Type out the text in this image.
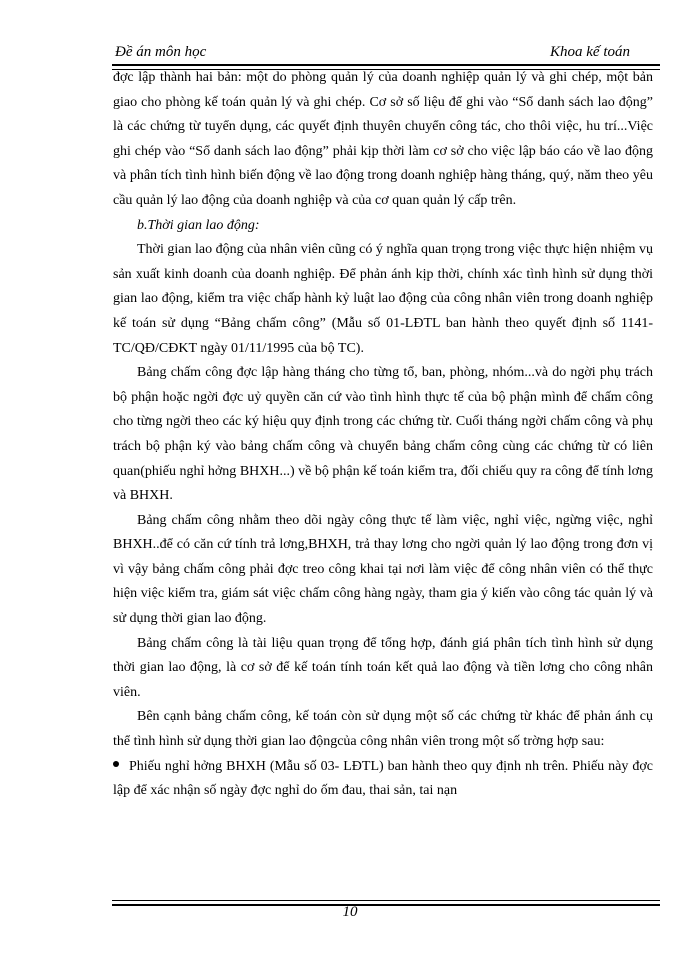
Đề án môn học	Khoa kế toán

đợc lập thành hai bản: một do phòng quản lý của doanh nghiệp quản lý và ghi chép, một bản giao cho phòng kế toán quản lý và ghi chép. Cơ sở số liệu để ghi vào “Sổ danh sách lao động” là các chứng từ tuyển dụng, các quyết định thuyên chuyển công tác, cho thôi việc, hu trí...Việc ghi chép vào “Sổ danh sách lao động” phải kịp thời làm cơ sở cho việc lập báo cáo về lao động và phân tích tình hình biến động về lao động trong doanh nghiệp hàng tháng, quý, năm theo yêu cầu quản lý lao động của doanh nghiệp và của cơ quan quản lý cấp trên.

b.Thời gian lao động:

Thời gian lao động của nhân viên cũng có ý nghĩa quan trọng trong việc thực hiện nhiệm vụ sản xuất kinh doanh của doanh nghiệp. Để phản ánh kịp thời, chính xác tình hình sử dụng thời gian lao động, kiểm tra việc chấp hành kỷ luật lao động của công nhân viên trong doanh nghiệp kế toán sử dụng “Bảng chấm công” (Mẫu số 01-LĐTL ban hành theo quyết định số 1141-TC/QĐ/CĐKT ngày 01/11/1995 của bộ TC).

Bảng chấm công đợc lập hàng tháng cho từng tổ, ban, phòng, nhóm...và do ngời phụ trách bộ phận hoặc ngời đợc uỷ quyền căn cứ vào tình hình thực tế của bộ phận mình để chấm công cho từng ngời theo các ký hiệu quy định trong các chứng từ. Cuối tháng ngời chấm công và phụ trách bộ phận ký vào bảng chấm công và chuyển bảng chấm công cùng các chứng từ có liên quan(phiếu nghỉ hởng BHXH...) về bộ phận kế toán kiểm tra, đối chiếu quy ra công để tính lơng và BHXH.

Bảng chấm công nhằm theo dõi ngày công thực tế làm việc, nghỉ việc, ngừng việc, nghỉ BHXH..để có căn cứ tính trả lơng,BHXH, trả thay lơng cho ngời quản lý lao động trong đơn vị vì vậy bảng chấm công phải đợc treo công khai tại nơi làm việc để công nhân viên có thể thực hiện việc kiểm tra, giám sát việc chấm công hàng ngày, tham gia ý kiến vào công tác quản lý và sử dụng thời gian lao động.

Bảng chấm công là tài liệu quan trọng để tổng hợp, đánh giá phân tích tình hình sử dụng thời gian lao động, là cơ sở để kế toán tính toán kết quả lao động và tiền lơng cho công nhân viên.

Bên cạnh bảng chấm công, kế toán còn sử dụng một số các chứng từ khác để phản ánh cụ thể tình hình sử dụng thời gian lao độngcủa công nhân viên trong một số trờng hợp sau:

Phiếu nghỉ hởng BHXH (Mẫu số 03- LĐTL) ban hành theo quy định nh trên. Phiếu này đợc lập để xác nhận số ngày đợc nghỉ do ốm đau, thai sản, tai nạn

10
